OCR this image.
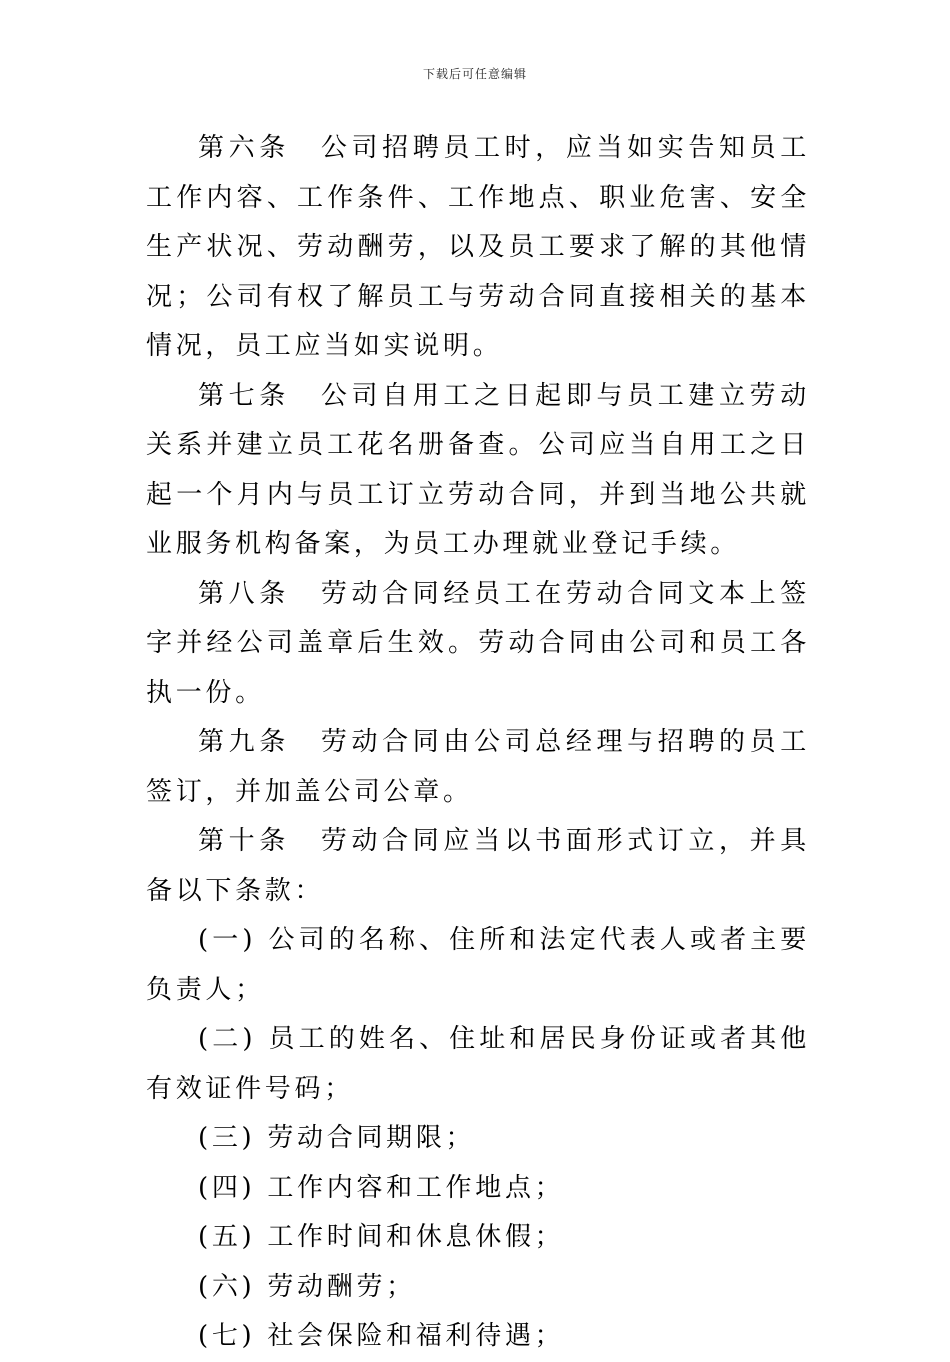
下载后可任意编辑

第六条 公司招聘员工时，应当如实告知员工工作内容、工作条件、工作地点、职业危害、安全生产状况、劳动酬劳，以及员工要求了解的其他情况；公司有权了解员工与劳动合同直接相关的基本情况，员工应当如实说明。

第七条 公司自用工之日起即与员工建立劳动关系并建立员工花名册备查。公司应当自用工之日起一个月内与员工订立劳动合同，并到当地公共就业服务机构备案，为员工办理就业登记手续。

第八条 劳动合同经员工在劳动合同文本上签字并经公司盖章后生效。劳动合同由公司和员工各执一份。

第九条 劳动合同由公司总经理与招聘的员工签订，并加盖公司公章。

第十条 劳动合同应当以书面形式订立，并具备以下条款：

(一) 公司的名称、住所和法定代表人或者主要负责人；

(二) 员工的姓名、住址和居民身份证或者其他有效证件号码；

(三) 劳动合同期限；

(四) 工作内容和工作地点；

(五) 工作时间和休息休假；

(六) 劳动酬劳；

(七) 社会保险和福利待遇；
